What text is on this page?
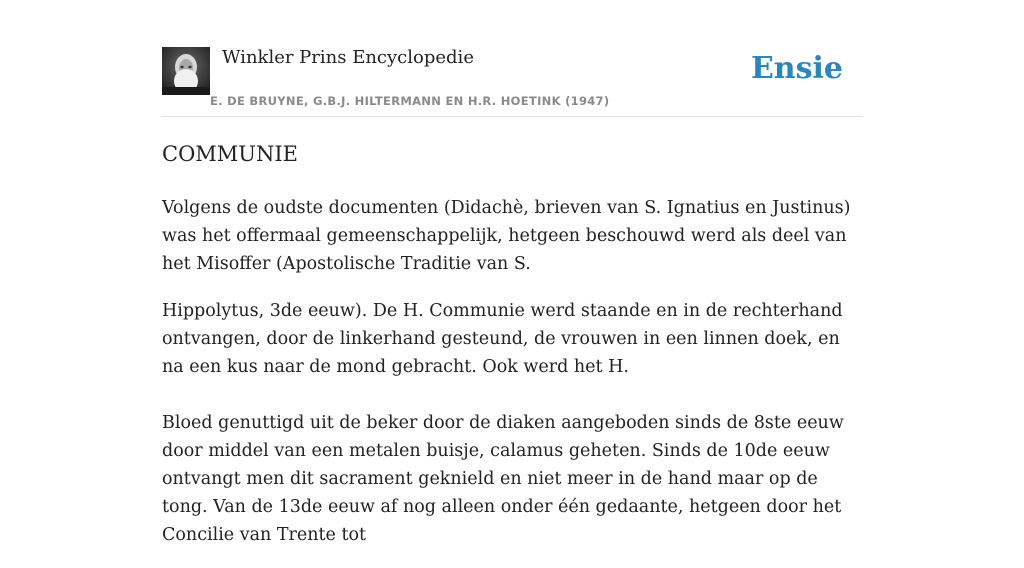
Winkler Prins Encyclopedie
E. DE BRUYNE, G.B.J. HILTERMANN EN H.R. HOETINK (1947)
Ensie
COMMUNIE

Volgens de oudste documenten (Didachè, brieven van S. Ignatius en Justinus) was het offermaal gemeenschappelijk, hetgeen beschouwd werd als deel van het Misoffer (Apostolische Traditie van S.

Hippolytus, 3de eeuw). De H. Communie werd staande en in de rechterhand ontvangen, door de linkerhand gesteund, de vrouwen in een linnen doek, en na een kus naar de mond gebracht. Ook werd het H.

Bloed genuttigd uit de beker door de diaken aangeboden sinds de 8ste eeuw door middel van een metalen buisje, calamus geheten. Sinds de 10de eeuw ontvangt men dit sacrament geknield en niet meer in de hand maar op de tong. Van de 13de eeuw af nog alleen onder één gedaante, hetgeen door het Concilie van Trente tot
